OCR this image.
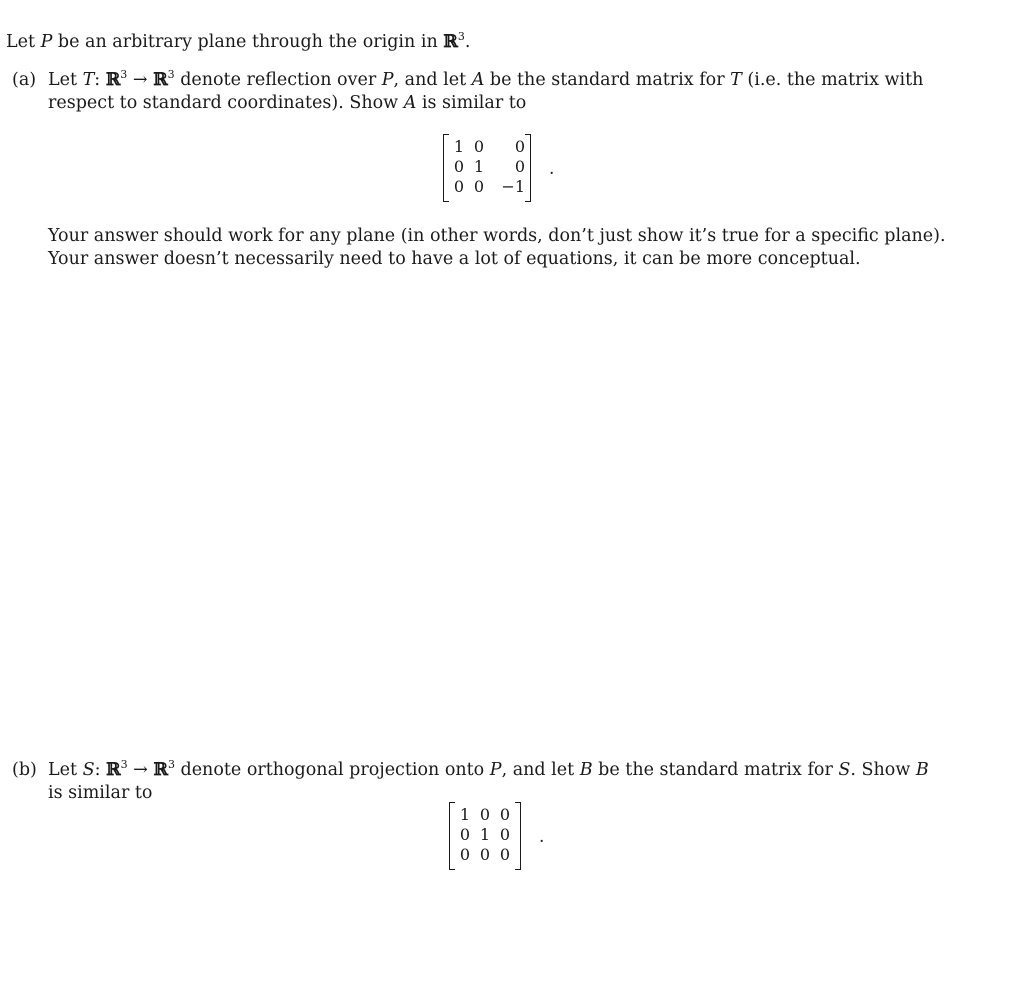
Let P be an arbitrary plane through the origin in ℝ$^3$.
(a) Let T: ℝ$^3$ → ℝ$^3$ denote reflection over P, and let A be the standard matrix for T (i.e. the matrix with
respect to standard coordinates). Show A is similar to
1 0	0
0 1	0
0 0	−1
.
Your answer should work for any plane (in other words, don’t just show it’s true for a specific plane).
Your answer doesn’t necessarily need to have a lot of equations, it can be more conceptual.
(b) Let S: ℝ$^3$ → ℝ$^3$ denote orthogonal projection onto P, and let B be the standard matrix for S. Show B
is similar to
1 0 0
0 1 0
0 0 0
.
